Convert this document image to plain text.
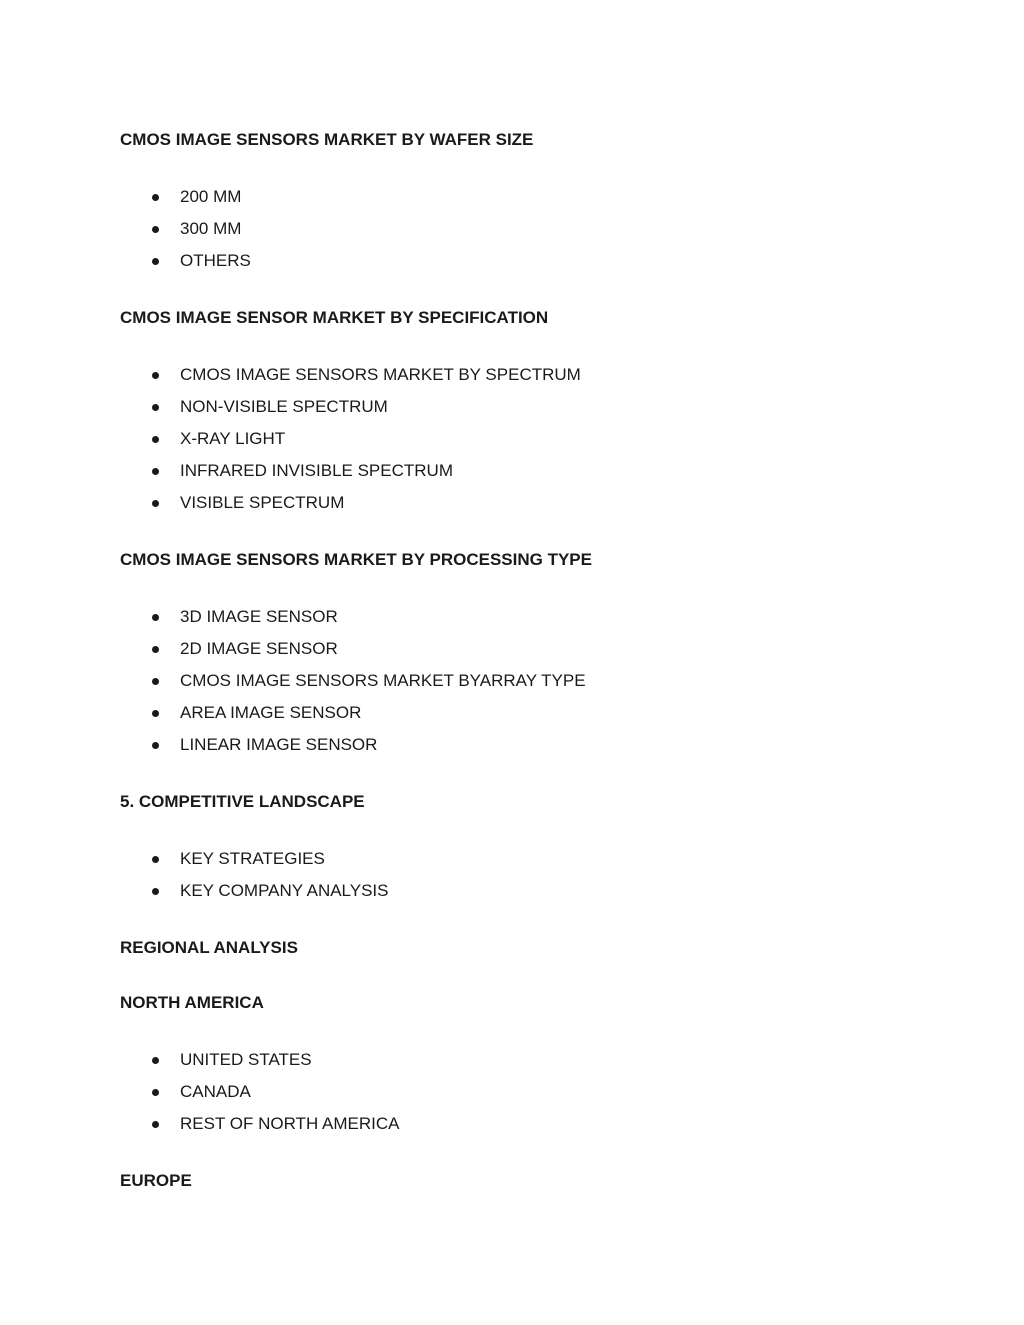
CMOS IMAGE SENSORS MARKET BY WAFER SIZE
200 MM
300 MM
OTHERS
CMOS IMAGE SENSOR MARKET BY SPECIFICATION
CMOS IMAGE SENSORS MARKET BY SPECTRUM
NON-VISIBLE SPECTRUM
X-RAY LIGHT
INFRARED INVISIBLE SPECTRUM
VISIBLE SPECTRUM
CMOS IMAGE SENSORS MARKET BY PROCESSING TYPE
3D IMAGE SENSOR
2D IMAGE SENSOR
CMOS IMAGE SENSORS MARKET BYARRAY TYPE
AREA IMAGE SENSOR
LINEAR IMAGE SENSOR
5. COMPETITIVE LANDSCAPE
KEY STRATEGIES
KEY COMPANY ANALYSIS
REGIONAL ANALYSIS
NORTH AMERICA
UNITED STATES
CANADA
REST OF NORTH AMERICA
EUROPE
